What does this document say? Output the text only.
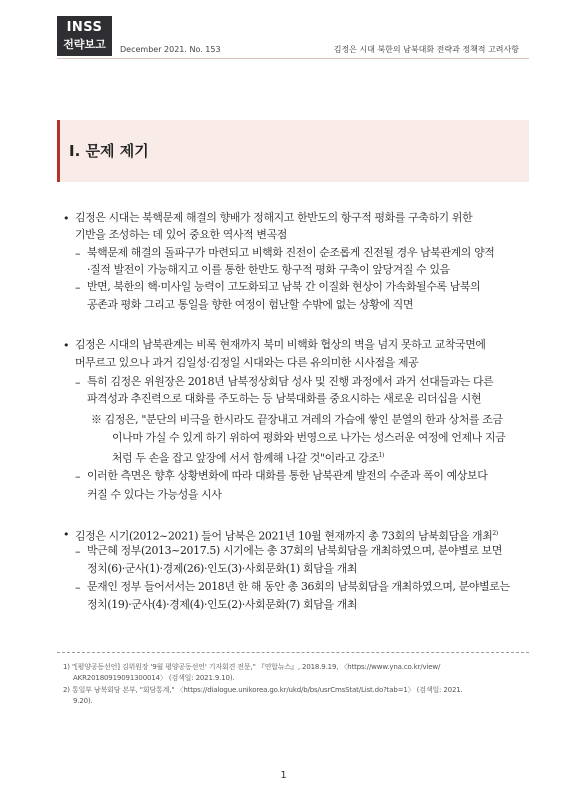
INSS
전략보고	December 2021. No. 153	김정은 시대 북한의 남북대화 전략과 정책적 고려사항
Ⅰ. 문제 제기
•
–
–
•
–
–
•
–
–
김정은 시대는 북핵문제 해결의 향배가 정해지고 한반도의 항구적 평화를 구축하기 위한
기반을 조성하는 데 있어 중요한 역사적 변곡점
북핵문제 해결의 돌파구가 마련되고 비핵화 진전이 순조롭게 진전될 경우 남북관계의 양적
·질적 발전이 가능해지고 이를 통한 한반도 항구적 평화 구축이 앞당겨질 수 있음
반면, 북한의 핵·미사일 능력이 고도화되고 남북 간 이질화 현상이 가속화될수록 남북의
공존과 평화 그리고 통일을 향한 여정이 험난할 수밖에 없는 상황에 직면
김정은 시대의 남북관계는 비록 현재까지 북미 비핵화 협상의 벽을 넘지 못하고 교착국면에
머무르고 있으나 과거 김일성·김정일 시대와는 다른 유의미한 시사점을 제공
특히 김정은 위원장은 2018년 남북정상회담 성사 및 진행 과정에서 과거 선대들과는 다른
파격성과 추진력으로 대화를 주도하는 등 남북대화를 중요시하는 새로운 리더십을 시현
※ 김정은, "분단의 비극을 한시라도 끝장내고 겨레의 가슴에 쌓인 분열의 한과 상처를 조금
이나마 가실 수 있게 하기 위하여 평화와 번영으로 나가는 성스러운 여정에 언제나 지금
처럼 두 손을 잡고 앞장에 서서 함께해 나갈 것"이라고 강조$^{1)}$
이러한 측면은 향후 상황변화에 따라 대화를 통한 남북관계 발전의 수준과 폭이 예상보다
커질 수 있다는 가능성을 시사
김정은 시기(2012~2021) 들어 남북은 2021년 10월 현재까지 총 73회의 남북회담을 개최$^{2)}$
박근혜 정부(2013~2017.5) 시기에는 총 37회의 남북회담을 개최하였으며, 분야별로 보면
정치(6)·군사(1)·경제(26)·인도(3)·사회문화(1) 회담을 개최
문재인 정부 들어서서는 2018년 한 해 동안 총 36회의 남북회담을 개최하였으며, 분야별로는
정치(19)·군사(4)·경제(4)·인도(2)·사회문화(7) 회담을 개최
1) "[평양공동선언] 김위원장 '9월 평양공동선언' 기자회견 전문," 『연합뉴스』, 2018.9.19, 〈https://www.yna.co.kr/view/
AKR20180919091300014〉 (검색일: 2021.9.10).
2) 통일부 남북회담 본부, "회담통계," 〈https://dialogue.unikorea.go.kr/ukd/b/bs/usrCmsStat/List.do?tab=1〉 (검색일: 2021.
9.20).
1
